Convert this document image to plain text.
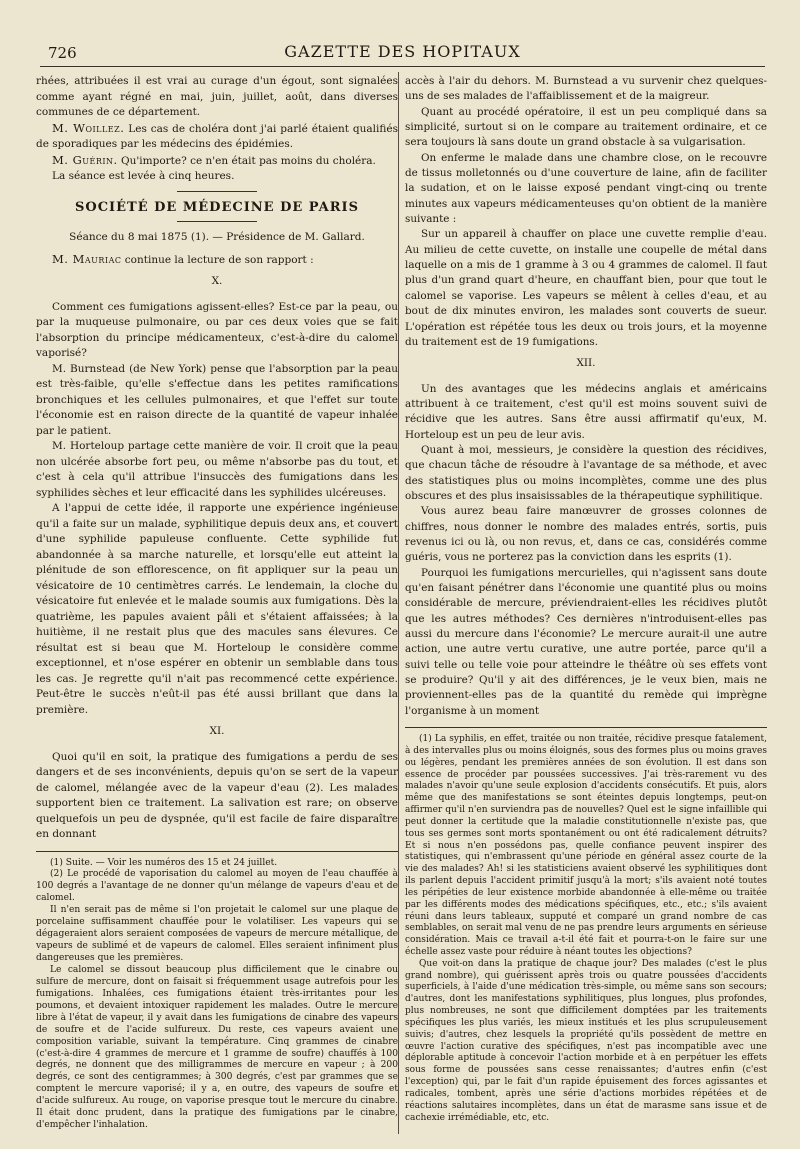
726	GAZETTE DES HOPITAUX

rhées, attribuées il est vrai au curage d'un égout, sont signalées comme ayant régné en mai, juin, juillet, août, dans diverses communes de ce département.

M. Woillez. Les cas de choléra dont j'ai parlé étaient qualifiés de sporadiques par les médecins des épidémies.

M. Guérin. Qu'importe? ce n'en était pas moins du choléra.

La séance est levée à cinq heures.

SOCIÉTÉ DE MÉDECINE DE PARIS

Séance du 8 mai 1875 (1). — Présidence de M. Gallard.

M. Mauriac continue la lecture de son rapport :

X.

Comment ces fumigations agissent-elles? Est-ce par la peau, ou par la muqueuse pulmonaire, ou par ces deux voies que se fait l'absorption du principe médicamenteux, c'est-à-dire du calomel vaporisé?

M. Burnstead (de New York) pense que l'absorption par la peau est très-faible, qu'elle s'effectue dans les petites ramifications bronchiques et les cellules pulmonaires, et que l'effet sur toute l'économie est en raison directe de la quantité de vapeur inhalée par le patient.

M. Horteloup partage cette manière de voir. Il croit que la peau non ulcérée absorbe fort peu, ou même n'absorbe pas du tout, et c'est à cela qu'il attribue l'insuccès des fumigations dans les syphilides sèches et leur efficacité dans les syphilides ulcéreuses.

A l'appui de cette idée, il rapporte une expérience ingénieuse qu'il a faite sur un malade, syphilitique depuis deux ans, et couvert d'une syphilide papuleuse confluente. Cette syphilide fut abandonnée à sa marche naturelle, et lorsqu'elle eut atteint la plénitude de son efflorescence, on fit appliquer sur la peau un vésicatoire de 10 centimètres carrés. Le lendemain, la cloche du vésicatoire fut enlevée et le malade soumis aux fumigations. Dès la quatrième, les papules avaient pâli et s'étaient affaissées; à la huitième, il ne restait plus que des macules sans élevures. Ce résultat est si beau que M. Horteloup le considère comme exceptionnel, et n'ose espérer en obtenir un semblable dans tous les cas. Je regrette qu'il n'ait pas recommencé cette expérience. Peut-être le succès n'eût-il pas été aussi brillant que dans la première.

XI.

Quoi qu'il en soit, la pratique des fumigations a perdu de ses dangers et de ses inconvénients, depuis qu'on se sert de la vapeur de calomel, mélangée avec de la vapeur d'eau (2). Les malades supportent bien ce traitement. La salivation est rare; on observe quelquefois un peu de dyspnée, qu'il est facile de faire disparaître en donnant

(1) Suite. — Voir les numéros des 15 et 24 juillet.

(2) Le procédé de vaporisation du calomel au moyen de l'eau chauffée à 100 degrés a l'avantage de ne donner qu'un mélange de vapeurs d'eau et de calomel.

Il n'en serait pas de même si l'on projetait le calomel sur une plaque de porcelaine suffisamment chauffée pour le volatiliser. Les vapeurs qui se dégageraient alors seraient composées de vapeurs de mercure métallique, de vapeurs de sublimé et de vapeurs de calomel. Elles seraient infiniment plus dangereuses que les premières.

Le calomel se dissout beaucoup plus difficilement que le cinabre ou sulfure de mercure, dont on faisait si fréquemment usage autrefois pour les fumigations. Inhalées, ces fumigations étaient très-irritantes pour les poumons, et devaient intoxiquer rapidement les malades. Outre le mercure libre à l'état de vapeur, il y avait dans les fumigations de cinabre des vapeurs de soufre et de l'acide sulfureux. Du reste, ces vapeurs avaient une composition variable, suivant la température. Cinq grammes de cinabre (c'est-à-dire 4 grammes de mercure et 1 gramme de soufre) chauffés à 100 degrés, ne donnent que des milligrammes de mercure en vapeur ; à 200 degrés, ce sont des centigrammes; à 300 degrés, c'est par grammes que se comptent le mercure vaporisé; il y a, en outre, des vapeurs de soufre et d'acide sulfureux. Au rouge, on vaporise presque tout le mercure du cinabre. Il était donc prudent, dans la pratique des fumigations par le cinabre, d'empêcher l'inhalation.

accès à l'air du dehors. M. Burnstead a vu survenir chez quelques-uns de ses malades de l'affaiblissement et de la maigreur.

Quant au procédé opératoire, il est un peu compliqué dans sa simplicité, surtout si on le compare au traitement ordinaire, et ce sera toujours là sans doute un grand obstacle à sa vulgarisation.

On enferme le malade dans une chambre close, on le recouvre de tissus molletonnés ou d'une couverture de laine, afin de faciliter la sudation, et on le laisse exposé pendant vingt-cinq ou trente minutes aux vapeurs médicamenteuses qu'on obtient de la manière suivante :

Sur un appareil à chauffer on place une cuvette remplie d'eau. Au milieu de cette cuvette, on installe une coupelle de métal dans laquelle on a mis de 1 gramme à 3 ou 4 grammes de calomel. Il faut plus d'un grand quart d'heure, en chauffant bien, pour que tout le calomel se vaporise. Les vapeurs se mêlent à celles d'eau, et au bout de dix minutes environ, les malades sont couverts de sueur. L'opération est répétée tous les deux ou trois jours, et la moyenne du traitement est de 19 fumigations.

XII.

Un des avantages que les médecins anglais et américains attribuent à ce traitement, c'est qu'il est moins souvent suivi de récidive que les autres. Sans être aussi affirmatif qu'eux, M. Horteloup est un peu de leur avis.

Quant à moi, messieurs, je considère la question des récidives, que chacun tâche de résoudre à l'avantage de sa méthode, et avec des statistiques plus ou moins incomplètes, comme une des plus obscures et des plus insaisissables de la thérapeutique syphilitique.

Vous aurez beau faire manœuvrer de grosses colonnes de chiffres, nous donner le nombre des malades entrés, sortis, puis revenus ici ou là, ou non revus, et, dans ce cas, considérés comme guéris, vous ne porterez pas la conviction dans les esprits (1).

Pourquoi les fumigations mercurielles, qui n'agissent sans doute qu'en faisant pénétrer dans l'économie une quantité plus ou moins considérable de mercure, préviendraient-elles les récidives plutôt que les autres méthodes? Ces dernières n'introduisent-elles pas aussi du mercure dans l'économie? Le mercure aurait-il une autre action, une autre vertu curative, une autre portée, parce qu'il a suivi telle ou telle voie pour atteindre le théâtre où ses effets vont se produire? Qu'il y ait des différences, je le veux bien, mais ne proviennent-elles pas de la quantité du remède qui imprègne l'organisme à un moment

(1) La syphilis, en effet, traitée ou non traitée, récidive presque fatalement, à des intervalles plus ou moins éloignés, sous des formes plus ou moins graves ou légères, pendant les premières années de son évolution. Il est dans son essence de procéder par poussées successives. J'ai très-rarement vu des malades n'avoir qu'une seule explosion d'accidents consécutifs. Et puis, alors même que des manifestations se sont éteintes depuis longtemps, peut-on affirmer qu'il n'en surviendra pas de nouvelles? Quel est le signe infaillible qui peut donner la certitude que la maladie constitutionnelle n'existe pas, que tous ses germes sont morts spontanément ou ont été radicalement détruits? Et si nous n'en possédons pas, quelle confiance peuvent inspirer des statistiques, qui n'embrassent qu'une période en général assez courte de la vie des malades? Ah! si les statisticiens avaient observé les syphilitiques dont ils parlent depuis l'accident primitif jusqu'à la mort; s'ils avaient noté toutes les péripéties de leur existence morbide abandonnée à elle-même ou traitée par les différents modes des médications spécifiques, etc., etc.; s'ils avaient réuni dans leurs tableaux, supputé et comparé un grand nombre de cas semblables, on serait mal venu de ne pas prendre leurs arguments en sérieuse considération. Mais ce travail a-t-il été fait et pourra-t-on le faire sur une échelle assez vaste pour réduire à néant toutes les objections?

Que voit-on dans la pratique de chaque jour? Des malades (c'est le plus grand nombre), qui guérissent après trois ou quatre poussées d'accidents superficiels, à l'aide d'une médication très-simple, ou même sans son secours; d'autres, dont les manifestations syphilitiques, plus longues, plus profondes, plus nombreuses, ne sont que difficilement domptées par les traitements spécifiques les plus variés, les mieux institués et les plus scrupuleusement suivis; d'autres, chez lesquels la propriété qu'ils possèdent de mettre en œuvre l'action curative des spécifiques, n'est pas incompatible avec une déplorable aptitude à concevoir l'action morbide et à en perpétuer les effets sous forme de poussées sans cesse renaissantes; d'autres enfin (c'est l'exception) qui, par le fait d'un rapide épuisement des forces agissantes et radicales, tombent, après une série d'actions morbides répétées et de réactions salutaires incomplètes, dans un état de marasme sans issue et de cachexie irrémédiable, etc, etc.
